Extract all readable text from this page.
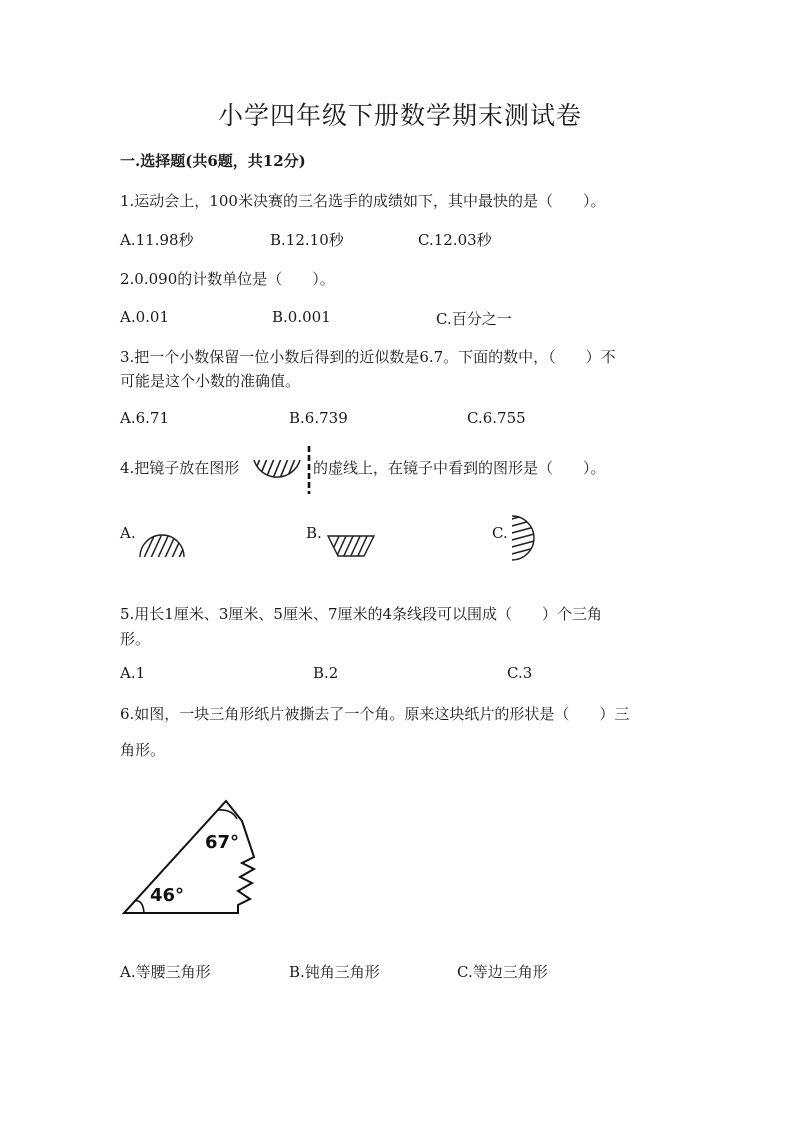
小学四年级下册数学期末测试卷
一.选择题(共6题，共12分)
1.运动会上，100米决赛的三名选手的成绩如下，其中最快的是（　　）。
A.11.98秒	B.12.10秒	C.12.03秒
2.0.090的计数单位是（　　）。
A.0.01	B.0.001	C.百分之一
3.把一个小数保留一位小数后得到的近似数是6.7。下面的数中，（　　）不
可能是这个小数的准确值。
A.6.71	B.6.739	C.6.755
4.把镜子放在图形	的虚线上，在镜子中看到的图形是（　　）。
A.	B.	C.
5.用长1厘米、3厘米、5厘米、7厘米的4条线段可以围成（　　）个三角
形。
A.1	B.2	C.3
6.如图，一块三角形纸片被撕去了一个角。原来这块纸片的形状是（　　）三
角形。
67°
46°
A.等腰三角形	B.钝角三角形	C.等边三角形
